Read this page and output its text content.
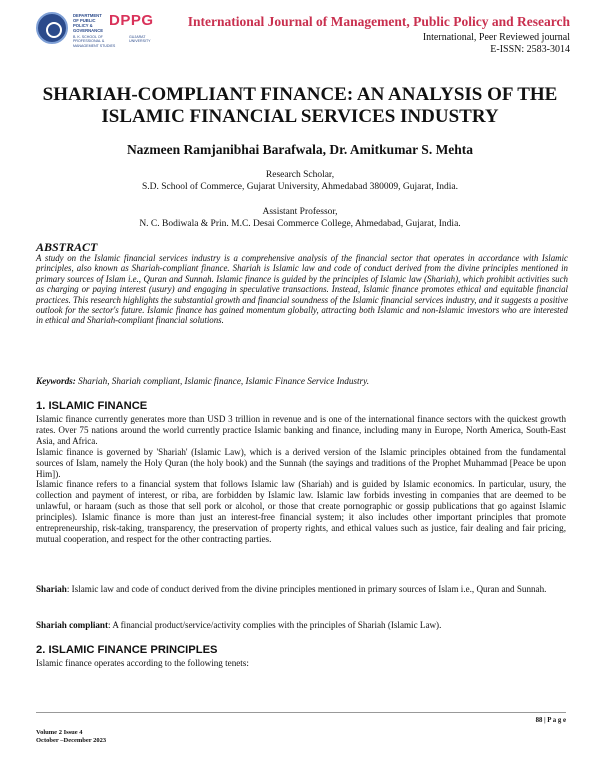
DEPARTMENT OF PUBLIC POLICY & GOVERNANCE
DPPG
B. K. SCHOOL OF PROFESSIONAL & MANAGEMENT STUDIES
GUJARAT UNIVERSITY
International Journal of Management, Public Policy and Research
International, Peer Reviewed journal
E-ISSN: 2583-3014
SHARIAH-COMPLIANT FINANCE: AN ANALYSIS OF THE ISLAMIC FINANCIAL SERVICES INDUSTRY
Nazmeen Ramjanibhai Barafwala, Dr. Amitkumar S. Mehta
Research Scholar,
S.D. School of Commerce, Gujarat University, Ahmedabad 380009, Gujarat, India.
Assistant Professor,
N. C. Bodiwala & Prin. M.C. Desai Commerce College, Ahmedabad, Gujarat, India.
ABSTRACT

A study on the Islamic financial services industry is a comprehensive analysis of the financial sector that operates in accordance with Islamic principles, also known as Shariah-compliant finance. Shariah is Islamic law and code of conduct derived from the divine principles mentioned in primary sources of Islam i.e., Quran and Sunnah. Islamic finance is guided by the principles of Islamic law (Shariah), which prohibit activities such as charging or paying interest (usury) and engaging in speculative transactions. Instead, Islamic finance promotes ethical and equitable financial practices. This research highlights the substantial growth and financial soundness of the Islamic financial services industry, and it suggests a positive outlook for the sector's future. Islamic finance has gained momentum globally, attracting both Islamic and non-Islamic investors who are interested in ethical and Shariah-compliant financial solutions.

Keywords: Shariah, Shariah compliant, Islamic finance, Islamic Finance Service Industry.

1. ISLAMIC FINANCE

Islamic finance currently generates more than USD 3 trillion in revenue and is one of the international finance sectors with the quickest growth rates. Over 75 nations around the world currently practice Islamic banking and finance, including many in Europe, North America, South-East Asia, and Africa.

Islamic finance is governed by 'Shariah' (Islamic Law), which is a derived version of the Islamic principles obtained from the fundamental sources of Islam, namely the Holy Quran (the holy book) and the Sunnah (the sayings and traditions of the Prophet Muhammad [Peace be upon Him]).

Islamic finance refers to a financial system that follows Islamic law (Shariah) and is guided by Islamic economics. In particular, usury, the collection and payment of interest, or riba, are forbidden by Islamic law. Islamic law forbids investing in companies that are deemed to be unlawful, or haraam (such as those that sell pork or alcohol, or those that create pornographic or gossip publications that go against Islamic principles). Islamic finance is more than just an interest-free financial system; it also includes other important principles that promote entrepreneurship, risk-taking, transparency, the preservation of property rights, and ethical values such as justice, fair dealing and fair pricing, mutual cooperation, and respect for the other contracting parties.

Shariah: Islamic law and code of conduct derived from the divine principles mentioned in primary sources of Islam i.e., Quran and Sunnah.

Shariah compliant: A financial product/service/activity complies with the principles of Shariah (Islamic Law).

2. ISLAMIC FINANCE PRINCIPLES

Islamic finance operates according to the following tenets:

88 | P a g e
Volume 2 Issue 4
October –December 2023
